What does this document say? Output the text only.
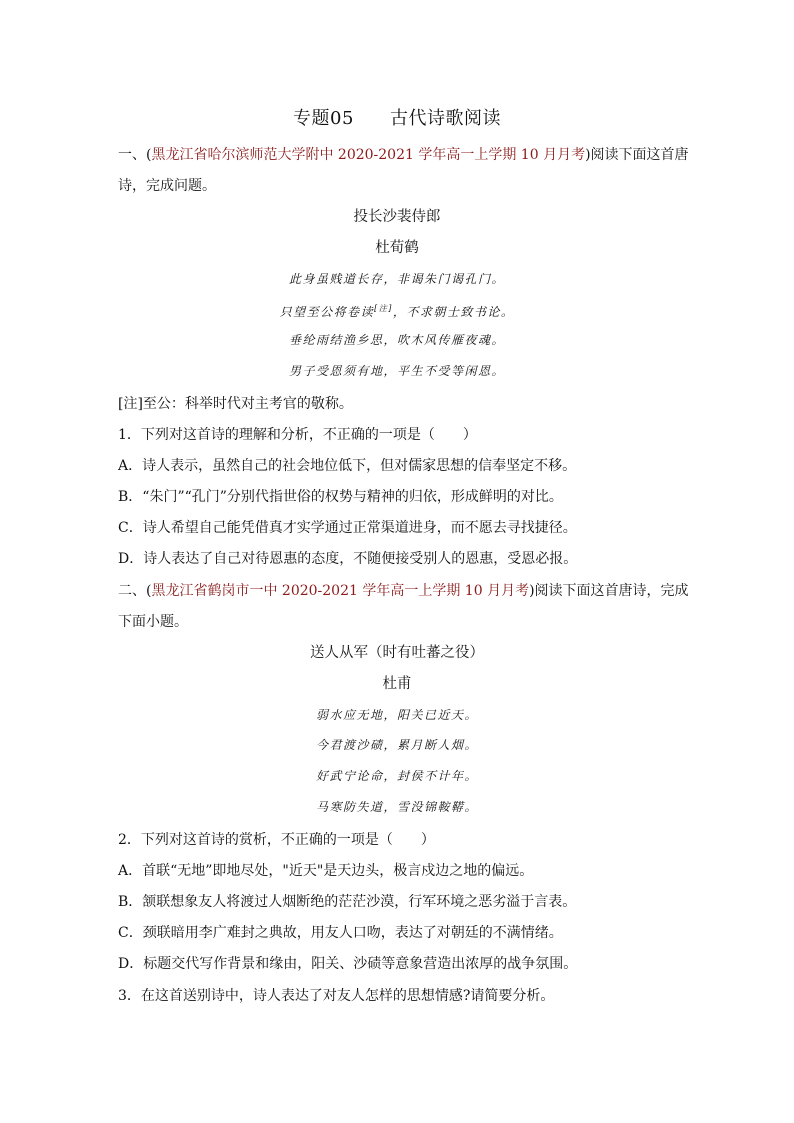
专题05 古代诗歌阅读
一、(黑龙江省哈尔滨师范大学附中 2020-2021 学年高一上学期 10 月月考)阅读下面这首唐
诗，完成问题。
投长沙裴侍郎
杜荀鹤
此身虽贱道长存，非谒朱门谒孔门。
只望至公将卷读[注]，不求朝士致书论。
垂纶雨结渔乡思，吹木风传雁夜魂。
男子受恩须有地，平生不受等闲恩。
[注]至公：科举时代对主考官的敬称。
1．下列对这首诗的理解和分析，不正确的一项是（　　）
A．诗人表示，虽然自己的社会地位低下，但对儒家思想的信奉坚定不移。
B．“朱门”“孔门”分别代指世俗的权势与精神的归依，形成鲜明的对比。
C．诗人希望自己能凭借真才实学通过正常渠道进身，而不愿去寻找捷径。
D．诗人表达了自己对待恩惠的态度，不随便接受别人的恩惠，受恩必报。
二、(黑龙江省鹤岗市一中 2020-2021 学年高一上学期 10 月月考)阅读下面这首唐诗，完成
下面小题。
送人从军（时有吐蕃之役）
杜甫
弱水应无地，阳关已近天。
今君渡沙碛，累月断人烟。
好武宁论命，封侯不计年。
马寒防失道，雪没锦鞍鞯。
2．下列对这首诗的赏析，不正确的一项是（　　）
A．首联“无地”即地尽处，"近天"是天边头，极言戍边之地的偏远。
B．颔联想象友人将渡过人烟断绝的茫茫沙漠，行军环境之恶劣溢于言表。
C．颈联暗用李广难封之典故，用友人口吻，表达了对朝廷的不满情绪。
D．标题交代写作背景和缘由，阳关、沙碛等意象营造出浓厚的战争氛围。
3．在这首送别诗中，诗人表达了对友人怎样的思想情感?请简要分析。
